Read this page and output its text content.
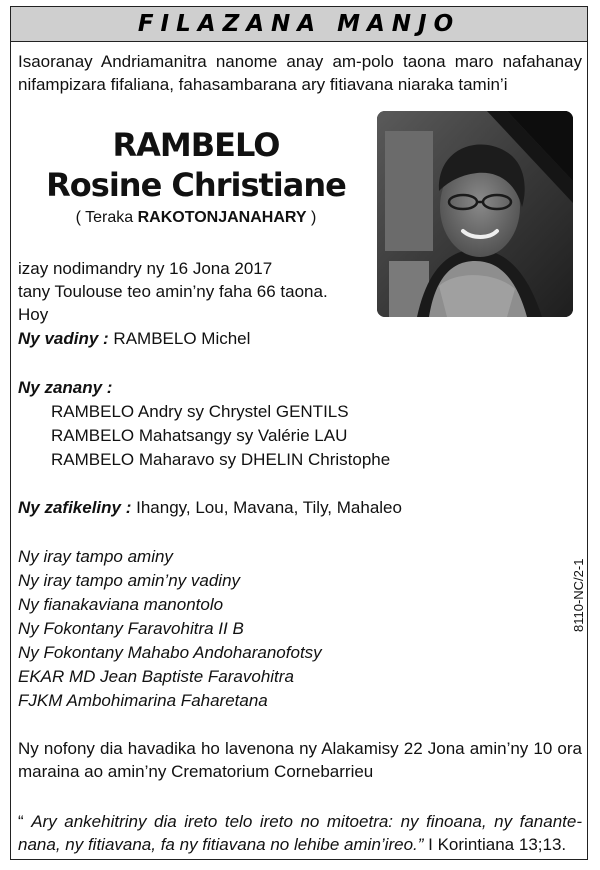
FILAZANA MANJO

Isaoranay Andriamanitra nanome anay am-polo taona maro nafahanay nifampizara fifaliana, fahasambarana ary fitiavana niaraka tamin’i

RAMBELO
Rosine Christiane
( Teraka RAKOTONJANAHARY )

izay nodimandry ny 16 Jona 2017

tany Toulouse teo amin’ny faha 66 taona.

Hoy

Ny vadiny : RAMBELO Michel

Ny zanany :

RAMBELO Andry sy Chrystel GENTILS

RAMBELO Mahatsangy sy Valérie LAU

RAMBELO Maharavo sy DHELIN Christophe

Ny zafikeliny : Ihangy, Lou, Mavana, Tily, Mahaleo

Ny iray tampo aminy

Ny iray tampo amin’ny vadiny

Ny fianakaviana manontolo

Ny Fokontany Faravohitra II B

Ny Fokontany Mahabo Andoharanofotsy

EKAR MD Jean Baptiste Faravohitra

FJKM Ambohimarina Faharetana

Ny nofony dia havadika ho lavenona ny Alakamisy 22 Jona amin’ny 10 ora maraina ao amin’ny Crematorium Cornebarrieu

“ Ary ankehitriny dia ireto telo ireto no mitoetra: ny finoana, ny fanante-nana, ny fitiavana, fa ny fitiavana no lehibe amin’ireo.” I Korintiana 13;13.

8110-NC/2-1
